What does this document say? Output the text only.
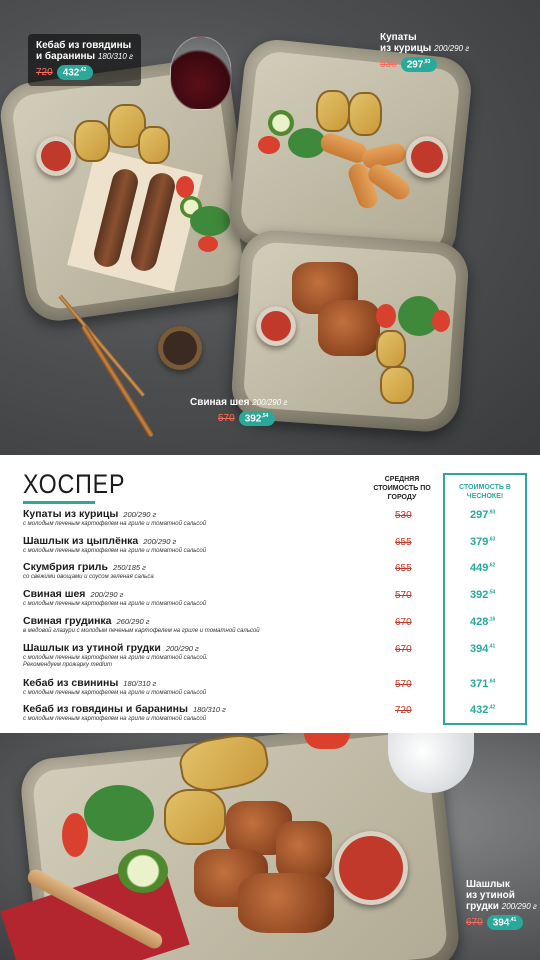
Кебаб из говядины
и баранины 180/310 г
720	$432^{,42}$
Купаты
из курицы 200/290 г
530	$297^{,93}$
Свиная шея 200/290 г
570	$392^{,54}$
ХОСПЕР	СРЕДНЯЯ СТОИМОСТЬ ПО ГОРОДУ
СТОИМОСТЬ В ЧЕСНОКЕ!
Купаты из курицы 200/290 г
с молодым печеным картофелем на гриле и томатной сальсой
530	$297^{,93}$
Шашлык из цыплёнка 200/290 г
с молодым печеным картофелем на гриле и томатной сальсой
655	$379^{,63}$
Скумбрия гриль 250/185 г
со свежими овощами и соусом зеленая сальса
655	$449^{,62}$
Свиная шея 200/290 г
с молодым печеным картофелем на гриле и томатной сальсой
570	$392^{,54}$
Свиная грудинка 260/290 г
в медовой глазури с молодым печеным картофелем на гриле и томатной сальсой
670	$428^{,16}$
Шашлык из утиной грудки 200/290 г
с молодым печеным картофелем на гриле и томатной сальсой.
Рекомендуем прожарку medium
670	$394^{,41}$
Кебаб из свинины 180/310 г
с молодым печеным картофелем на гриле и томатной сальсой
570	$371^{,64}$
Кебаб из говядины и баранины 180/310 г
с молодым печеным картофелем на гриле и томатной сальсой
720	$432^{,42}$
Шашлык
из утиной
грудки 200/290 г
670	$394^{,41}$
